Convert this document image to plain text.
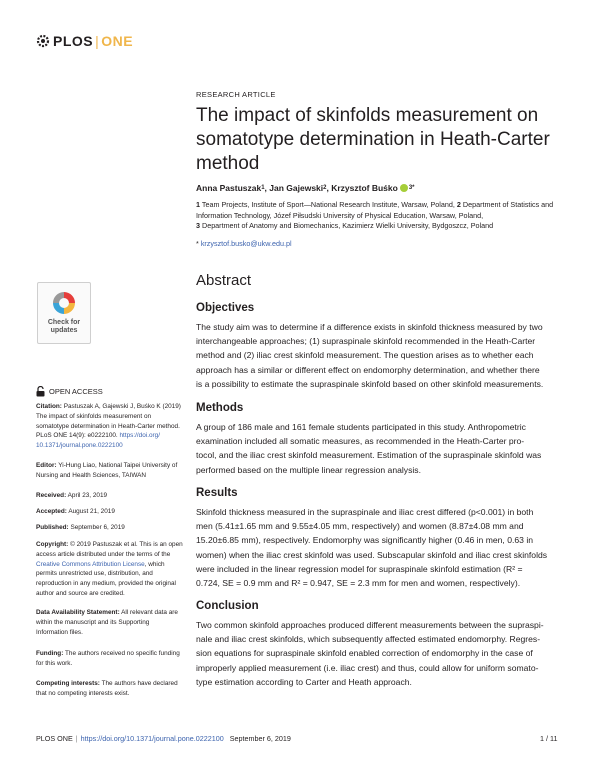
PLOS | ONE
RESEARCH ARTICLE
The impact of skinfolds measurement on somatotype determination in Heath-Carter method
Anna Pastuszak 1 , Jan Gajewski 2 , Krzysztof Buśko 3 *
1 Team Projects, Institute of Sport—National Research Institute, Warsaw, Poland, 2 Department of Statistics and Information Technology, Józef Piłsudski University of Physical Education, Warsaw, Poland,
3 Department of Anatomy and Biomechanics, Kazimierz Wielki University, Bydgoszcz, Poland
* krzysztof.busko@ukw.edu.pl
Abstract
Objectives
The study aim was to determine if a difference exists in skinfold thickness measured by two
interchangeable approaches; (1) supraspinale skinfold recommended in the Heath-Carter
method and (2) iliac crest skinfold measurement. The question arises as to whether each
approach has a similar or different effect on endomorphy determination, and whether there
is a possibility to estimate the supraspinale skinfold based on other skinfold measurements.
Methods
A group of 186 male and 161 female students participated in this study. Anthropometric
examination included all somatic measures, as recommended in the Heath-Carter pro-
tocol, and the iliac crest skinfold measurement. Estimation of the supraspinale skinfold was
performed based on the multiple linear regression analysis.
Results
Skinfold thickness measured in the supraspinale and iliac crest differed (p<0.001) in both
men (5.41±1.65 mm and 9.55±4.05 mm, respectively) and women (8.87±4.08 mm and
15.20±6.85 mm), respectively. Endomorphy was significantly higher (0.46 in men, 0.63 in
women) when the iliac crest skinfold was used. Subscapular skinfold and iliac crest skinfolds
were included in the linear regression model for supraspinale skinfold estimation (R² =
0.724, SE = 0.9 mm and R² = 0.947, SE = 2.3 mm for men and women, respectively).
Conclusion
Two common skinfold approaches produced different measurements between the supraspi-
nale and iliac crest skinfolds, which subsequently affected estimated endomorphy. Regres-
sion equations for supraspinale skinfold enabled correction of endomorphy in the case of
improperly applied measurement (i.e. iliac crest) and thus, could allow for uniform somato-
type estimation according to Carter and Heath approach.
Check for
updates
OPEN ACCESS
Citation: Pastuszak A, Gajewski J, Buśko K (2019)
The impact of skinfolds measurement on
somatotype determination in Heath-Carter method.
PLoS ONE 14(9): e0222100. https://doi.org/
10.1371/journal.pone.0222100
Editor: Yi-Hung Liao, National Taipei University of
Nursing and Health Sciences, TAIWAN
Received: April 23, 2019
Accepted: August 21, 2019
Published: September 6, 2019
Copyright: © 2019 Pastuszak et al. This is an open
access article distributed under the terms of the
Creative Commons Attribution License, which
permits unrestricted use, distribution, and
reproduction in any medium, provided the original
author and source are credited.
Data Availability Statement: All relevant data are
within the manuscript and its Supporting
Information files.
Funding: The authors received no specific funding
for this work.
Competing interests: The authors have declared
that no competing interests exist.
PLOS ONE | https://doi.org/10.1371/journal.pone.0222100 September 6, 2019	1 / 11
